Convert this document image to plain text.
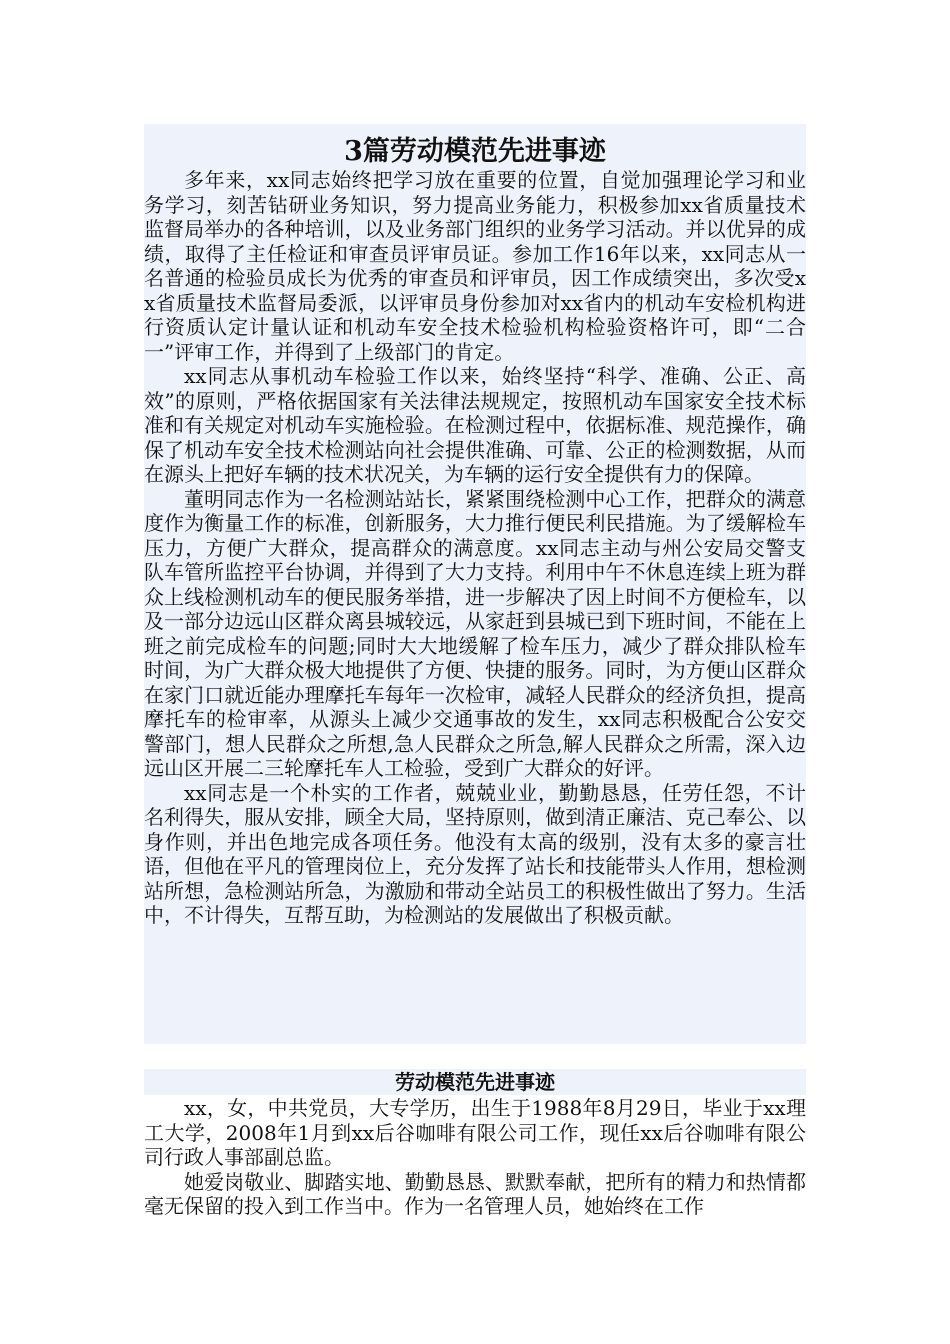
3篇劳动模范先进事迹

多年来，xx同志始终把学习放在重要的位置，自觉加强理论学习和业务学习，刻苦钻研业务知识，努力提高业务能力，积极参加xx省质量技术监督局举办的各种培训，以及业务部门组织的业务学习活动。并以优异的成绩，取得了主任检证和审查员评审员证。参加工作16年以来，xx同志从一名普通的检验员成长为优秀的审查员和评审员，因工作成绩突出，多次受xx省质量技术监督局委派，以评审员身份参加对xx省内的机动车安检机构进行资质认定计量认证和机动车安全技术检验机构检验资格许可，即“二合一”评审工作，并得到了上级部门的肯定。

xx同志从事机动车检验工作以来，始终坚持“科学、准确、公正、高效”的原则，严格依据国家有关法律法规规定，按照机动车国家安全技术标准和有关规定对机动车实施检验。在检测过程中，依据标准、规范操作，确保了机动车安全技术检测站向社会提供准确、可靠、公正的检测数据，从而在源头上把好车辆的技术状况关，为车辆的运行安全提供有力的保障。

董明同志作为一名检测站站长，紧紧围绕检测中心工作，把群众的满意度作为衡量工作的标准，创新服务，大力推行便民利民措施。为了缓解检车压力，方便广大群众，提高群众的满意度。xx同志主动与州公安局交警支队车管所监控平台协调，并得到了大力支持。利用中午不休息连续上班为群众上线检测机动车的便民服务举措，进一步解决了因上时间不方便检车，以及一部分边远山区群众离县城较远，从家赶到县城已到下班时间，不能在上班之前完成检车的问题;同时大大地缓解了检车压力，减少了群众排队检车时间，为广大群众极大地提供了方便、快捷的服务。同时，为方便山区群众在家门口就近能办理摩托车每年一次检审，减轻人民群众的经济负担，提高摩托车的检审率，从源头上减少交通事故的发生，xx同志积极配合公安交警部门，想人民群众之所想,急人民群众之所急,解人民群众之所需，深入边远山区开展二三轮摩托车人工检验，受到广大群众的好评。

xx同志是一个朴实的工作者，兢兢业业，勤勤恳恳，任劳任怨，不计名利得失，服从安排，顾全大局，坚持原则，做到清正廉洁、克己奉公、以身作则，并出色地完成各项任务。他没有太高的级别，没有太多的豪言壮语，但他在平凡的管理岗位上，充分发挥了站长和技能带头人作用，想检测站所想，急检测站所急，为激励和带动全站员工的积极性做出了努力。生活中，不计得失，互帮互助，为检测站的发展做出了积极贡献。

劳动模范先进事迹

xx，女，中共党员，大专学历，出生于1988年8月29日，毕业于xx理工大学，2008年1月到xx后谷咖啡有限公司工作，现任xx后谷咖啡有限公司行政人事部副总监。

她爱岗敬业、脚踏实地、勤勤恳恳、默默奉献，把所有的精力和热情都毫无保留的投入到工作当中。作为一名管理人员，她始终在工作
